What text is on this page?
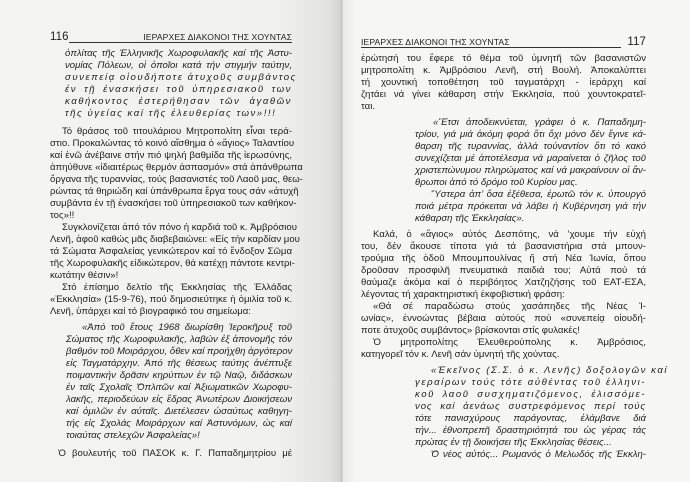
116	ΙΕΡΑΡΧΕΣ ΔΙΑΚΟΝΟΙ ΤΗΣ ΧΟΥΝΤΑΣ
ὁπλίτας τῆς Ἑλληνικῆς Χωροφυλακῆς καί τῆς Ἀστυ-
νομίας Πόλεων, οἱ ὁποῖοι κατά τήν στιγμήν ταύτην,
συνεπείᾳ οἱουδήποτε ἀτυχοῦς συμβάντος
ἐν τῇ ἐνασκήσει τοῦ ὑπηρεσιακοῦ των
καθήκοντος ἐστερήθησαν τῶν ἀγαθῶν
τῆς ὑγείας καί τῆς ἐλευθερίας των»!!!
Τό θράσος τοῦ τιτουλάριου Μητροπολίτη εἶναι τερά-
στιο. Προκαλώντας τό κοινό αἴσθημα ὁ «ἅγιος» Ταλαντίου
καί ἐνῶ ἀνέβαινε στήν πιό ψηλή βαθμίδα τῆς ἱερωσύνης,
ἀπηύθυνε «ἰδιαιτέρως θερμόν ἀσπασμόν» στά ἀπάνθρωπα
ὄργανα τῆς τυραννίας, τούς βασανιστές τοῦ Λαοῦ μας, θεω-
ρώντας τά θηριώδη καί ὑπάνθρωπα ἔργα τους σάν «ἀτυχῆ
συμβάντα ἐν τῇ ἐνασκήσει τοῦ ὑπηρεσιακοῦ των καθήκον-
τος»!!
Συγκλονίζεται ἀπό τόν πόνο ἡ καρδιά τοῦ κ. Ἀμβρόσιου
Λενῆ, ἀφοῦ καθώς μᾶς διαβεβαιώνει: «Εἰς τήν καρδίαν μου
τά Σώματα Ἀσφαλείας γενικώτερον καί τό ἔνδοξον Σῶμα
τῆς Χωροφυλακῆς εἰδικώτερον, θά κατέχῃ πάντοτε κεντρι-
κωτάτην θέσιν»!
Στό ἐπίσημο δελτίο τῆς Ἐκκλησίας τῆς Ἑλλάδας
«Ἐκκλησία» (15-9-76), πού δημοσιεύτηκε ἡ ὁμιλία τοῦ κ.
Λενῆ, ὑπάρχει καί τό βιογραφικό του σημείωμα:
«Ἀπό τοῦ ἔτους 1968 διωρίσθη Ἱεροκῆρυξ τοῦ
Σώματος τῆς Χωροφυλακῆς, λαβών ἐξ ἀπονομῆς τόν
βαθμόν τοῦ Μοιράρχου, ὅθεν καί προήχθη ἀργότερον
εἰς Ταγματάρχην. Ἀπό τῆς θέσεως ταύτης ἀνέπτυξε
ποιμαντικήν δρᾶσιν κηρύττων ἐν τῷ Ναῷ, διδάσκων
ἐν ταῖς Σχολαῖς Ὁπλιτῶν καί Ἀξιωματικῶν Χωροφυ-
λακῆς, περιοδεύων εἰς ἕδρας Ἀνωτέρων Διοικήσεων
καί ὁμιλῶν ἐν αὐταῖς. Διετέλεσεν ὡσαύτως καθηγη-
τής εἰς Σχολάς Μοιράρχων καί Ἀστυνόμων, ὡς καί
τοιαύτας στελεχῶν Ἀσφαλείας»!
Ὁ βουλευτής τοῦ ΠΑΣΟΚ κ. Γ. Παπαδημητρίου μέ
ΙΕΡΑΡΧΕΣ ΔΙΑΚΟΝΟΙ ΤΗΣ ΧΟΥΝΤΑΣ	117
ἐρώτησή του ἔφερε τό θέμα τοῦ ὑμνητῆ τῶν βασανιστῶν
μητροπολίτη κ. Ἀμβρόσιου Λενῆ, στή Βουλή. Ἀποκαλύπτει
τή χουντική τοποθέτηση τοῦ ταγματάρχη - ἱεράρχη καί
ζητάει νά γίνει κάθαρση στήν Ἐκκλησία, πού χουντοκρατεῖ-
ται.
«Ἔτσι ἀποδεικνύεται, γράφει ὁ κ. Παπαδημη-
τρίου, γιά μιά ἀκόμη φορά ὅτι ὄχι μόνο δέν ἔγινε κά-
θαρση τῆς τυραννίας, ἀλλά τοὐναντίον ὅτι τό κακό
συνεχίζεται μέ ἀποτέλεσμα νά μαραίνεται ὁ ζῆλος τοῦ
χριστεπώνυμου πληρώματος καί νά μακραίνουν οἱ ἄν-
θρωποι ἀπό τό δρόμο τοῦ Κυρίου μας.
Ὕστερα ἀπ’ ὅσα ἐξέθεσα, ἐρωτῶ τόν κ. ὑπουργό
ποιά μέτρα πρόκειται νά λάβει ἡ Κυβέρνηση γιά τήν
κάθαρση τῆς Ἐκκλησίας».
Καλά, ὁ «ἅγιος» αὐτός Δεσπότης, νά ‛χουμε τήν εὐχή
του, δέν ἄκουσε τίποτα γιά τά βασανιστήρια στά μπουν-
τρούμια τῆς ὁδοῦ Μπουμπουλίνας ἤ στή Νέα Ἰωνία, ὅπου
δροῦσαν προσφιλῆ πνευματικά παιδιά του; Αὐτά πού τά
θαύμαζε ἀκόμα καί ὁ περιβόητος Χατζηζήσης τοῦ ΕΑΤ-ΕΣΑ,
λέγοντας τή χαρακτηριστική ἐκφοβιστική φράση:
«Θά σέ παραδώσω στούς χασάπηδες τῆς Νέας Ἰ-
ωνίας», ἐννοώντας βέβαια αὐτούς πού «συνεπείᾳ οἱουδή-
ποτε ἀτυχοῦς συμβάντος» βρίσκονται στίς φυλακές!
Ὁ μητροπολίτης Ἐλευθερούπολης κ. Ἀμβρόσιος,
κατηγορεῖ τόν κ. Λενῆ σάν ὑμνητή τῆς χούντας.
«Ἐκεῖνος (Σ.Σ. ὁ κ. Λενῆς) δοξολογῶν καί
γεραίρων τούς τότε αὐθέντας τοῦ ἑλληνι-
κοῦ λαοῦ συσχηματιζόμενος, ἑλισσόμε-
νος καί ἀενάως συστρεφόμενος περί τούς
τότε πανισχύρους παράγοντας, ἐλάμβανε διά
τήν... ἐθνοπρεπῆ δραστηριότητά του ὡς γέρας τάς
πρώτας ἐν τῇ διοικήσει τῆς Ἐκκλησίας θέσεις...
Ὁ νέος αὐτός... Ρωμανός ὁ Μελωδός τῆς Ἐκκλη-
